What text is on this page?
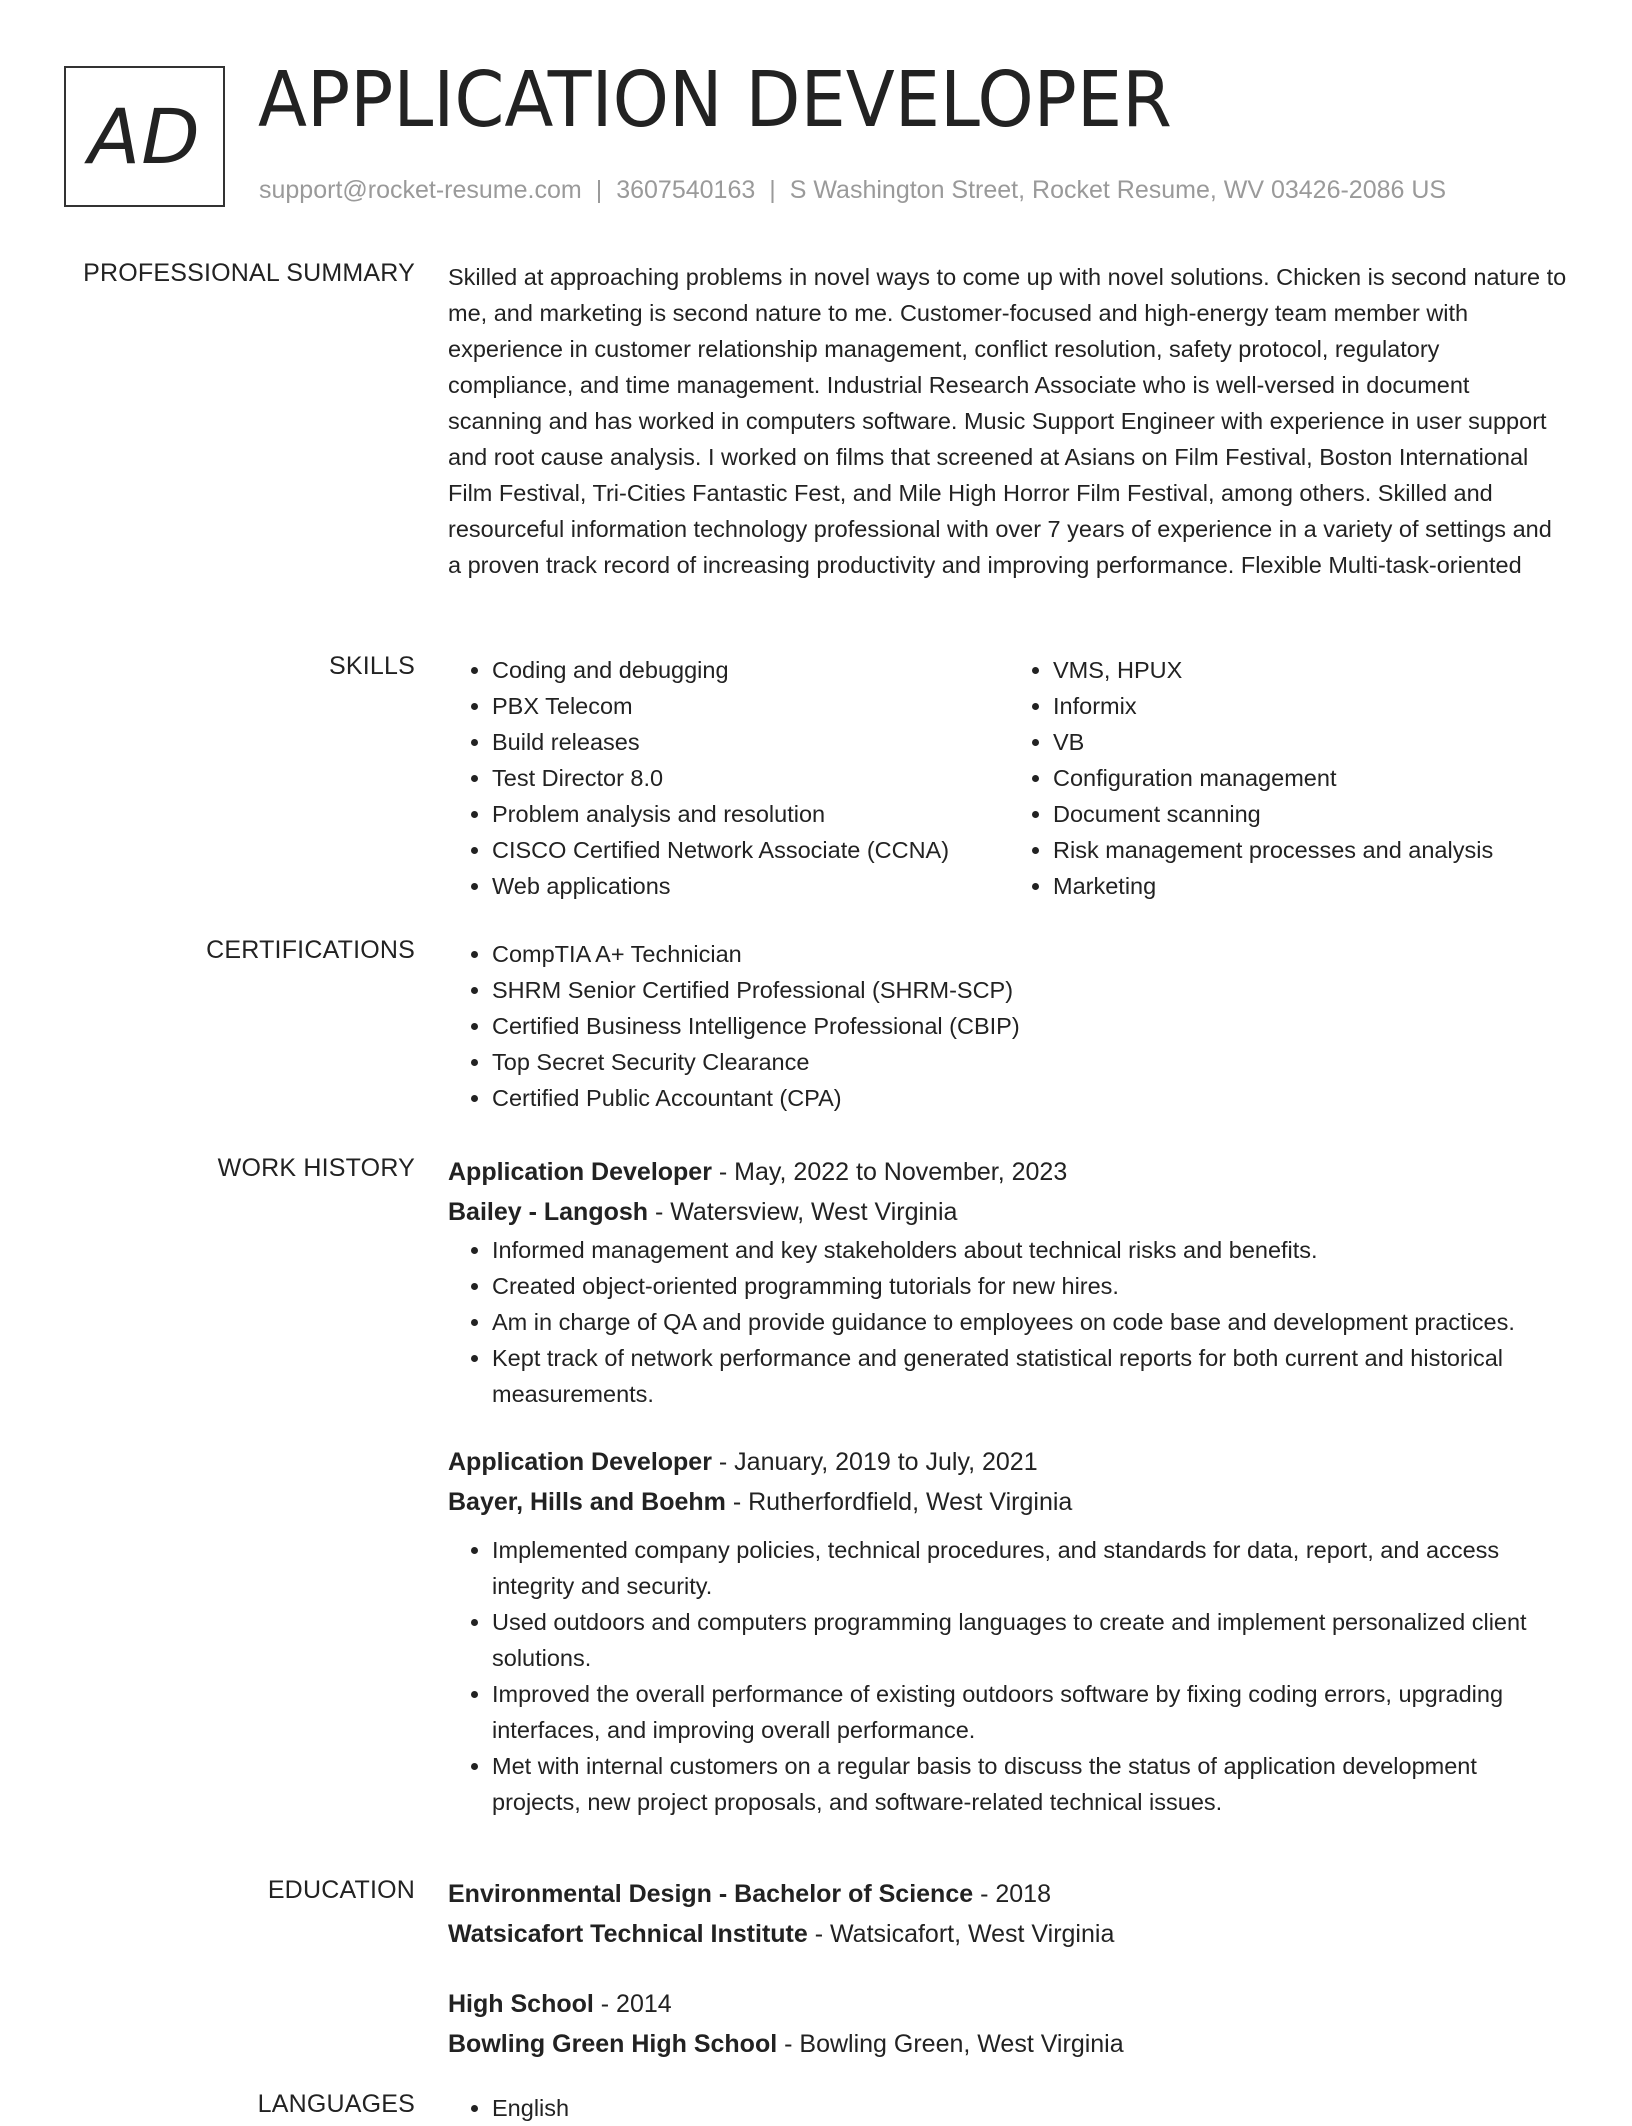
AD APPLICATION DEVELOPER
support@rocket-resume.com | 3607540163 | S Washington Street, Rocket Resume, WV 03426-2086 US
PROFESSIONAL SUMMARY Skilled at approaching problems in novel ways to come up with novel solutions. Chicken is second nature to me, and marketing is second nature to me. Customer-focused and high-energy team member with experience in customer relationship management, conflict resolution, safety protocol, regulatory compliance, and time management. Industrial Research Associate who is well-versed in document scanning and has worked in computers software. Music Support Engineer with experience in user support and root cause analysis. I worked on films that screened at Asians on Film Festival, Boston International Film Festival, Tri-Cities Fantastic Fest, and Mile High Horror Film Festival, among others. Skilled and resourceful information technology professional with over 7 years of experience in a variety of settings and a proven track record of increasing productivity and improving performance. Flexible Multi-task-oriented

SKILLS	• Coding and debugging
• PBX Telecom
• Build releases
• Test Director 8.0
• Problem analysis and resolution
• CISCO Certified Network Associate (CCNA)
• Web applications
• VMS, HPUX
• Informix
• VB
• Configuration management
• Document scanning
• Risk management processes and analysis
• Marketing
CERTIFICATIONS	• CompTIA A+ Technician
• SHRM Senior Certified Professional (SHRM-SCP)
• Certified Business Intelligence Professional (CBIP)
• Top Secret Security Clearance
• Certified Public Accountant (CPA)
WORK HISTORY Application Developer - May, 2022 to November, 2023
Bailey - Langosh - Watersview, West Virginia
• Informed management and key stakeholders about technical risks and benefits.
• Created object-oriented programming tutorials for new hires.
• Am in charge of QA and provide guidance to employees on code base and development practices.
• Kept track of network performance and generated statistical reports for both current and historical measurements.
Application Developer - January, 2019 to July, 2021
Bayer, Hills and Boehm - Rutherfordfield, West Virginia
• Implemented company policies, technical procedures, and standards for data, report, and access integrity and security.
• Used outdoors and computers programming languages to create and implement personalized client solutions.
• Improved the overall performance of existing outdoors software by fixing coding errors, upgrading interfaces, and improving overall performance.
• Met with internal customers on a regular basis to discuss the status of application development projects, new project proposals, and software-related technical issues.
EDUCATION Environmental Design - Bachelor of Science - 2018
Watsicafort Technical Institute - Watsicafort, West Virginia
High School - 2014
Bowling Green High School - Bowling Green, West Virginia
LANGUAGES	• English
